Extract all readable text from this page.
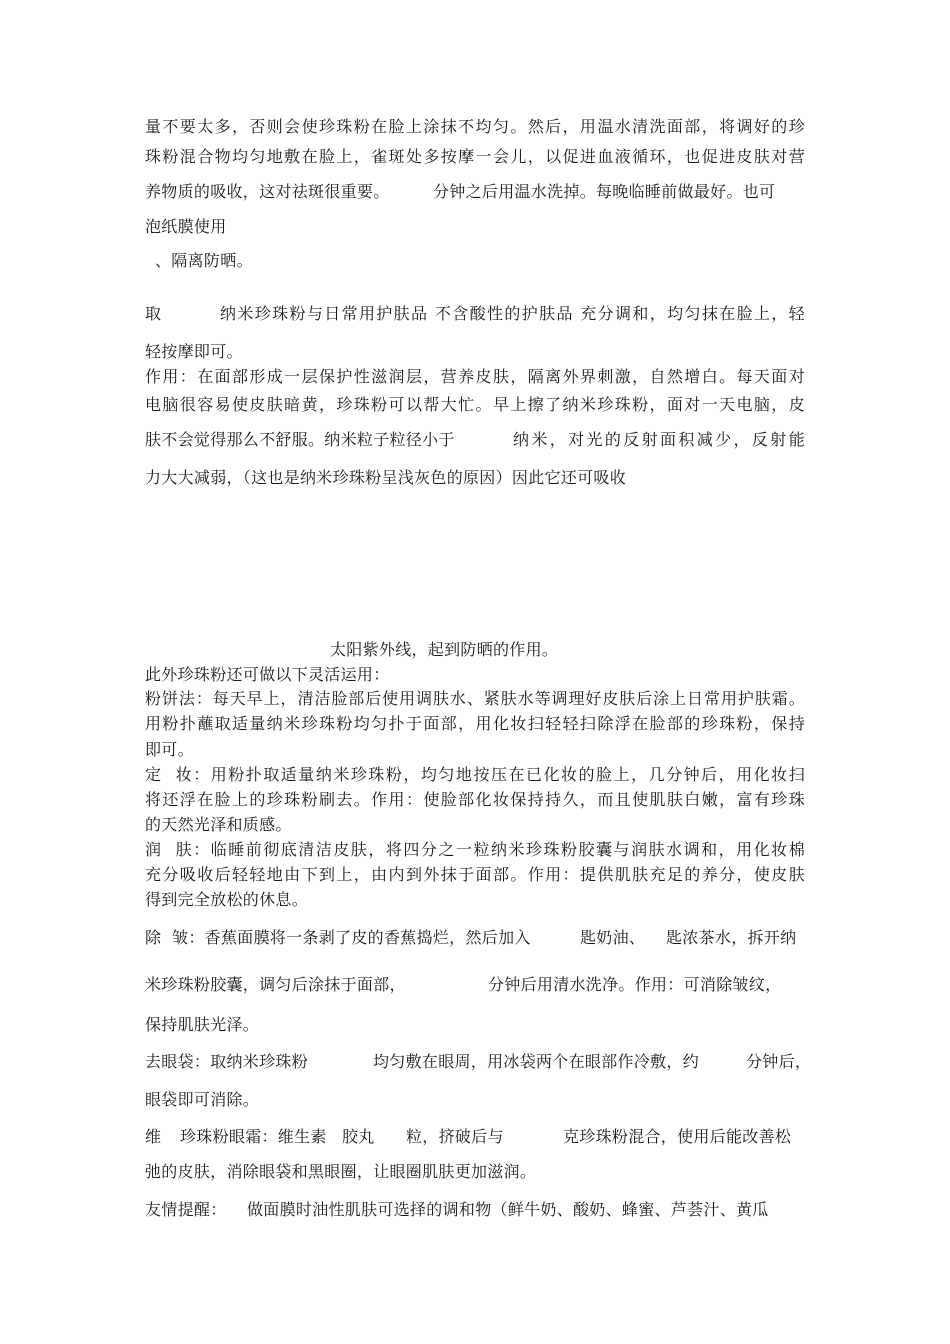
量不要太多，否则会使珍珠粉在脸上涂抹不均匀。然后，用温水清洗面部，将调好的珍
珠粉混合物均匀地敷在脸上，雀斑处多按摩一会儿，以促进血液循环，也促进皮肤对营
养物质的吸收，这对祛斑很重要。	分钟之后用温水洗掉。每晚临睡前做最好。也可
泡纸膜使用
、隔离防晒。
取	纳米珍珠粉与日常用护肤品 不含酸性的护肤品 充分调和，均匀抹在脸上，轻
轻按摩即可。
作用：在面部形成一层保护性滋润层，营养皮肤，隔离外界刺激，自然增白。每天面对
电脑很容易使皮肤暗黄，珍珠粉可以帮大忙。早上擦了纳米珍珠粉，面对一天电脑，皮
肤不会觉得那么不舒服。纳米粒子粒径小于	纳米，对光的反射面积减少，反射能
力大大减弱，（这也是纳米珍珠粉呈浅灰色的原因）因此它还可吸收
太阳紫外线，起到防晒的作用。
此外珍珠粉还可做以下灵活运用：
粉饼法：每天早上，清洁脸部后使用调肤水、紧肤水等调理好皮肤后涂上日常用护肤霜。
用粉扑蘸取适量纳米珍珠粉均匀扑于面部，用化妆扫轻轻扫除浮在脸部的珍珠粉，保持
即可。
定  妆：用粉扑取适量纳米珍珠粉，均匀地按压在已化妆的脸上，几分钟后，用化妆扫
将还浮在脸上的珍珠粉刷去。作用：使脸部化妆保持持久，而且使肌肤白嫩，富有珍珠
的天然光泽和质感。
润  肤：临睡前彻底清洁皮肤，将四分之一粒纳米珍珠粉胶囊与润肤水调和，用化妆棉
充分吸收后轻轻地由下到上，由内到外抹于面部。作用：提供肌肤充足的养分，使皮肤
得到完全放松的休息。
除  皱：香蕉面膜将一条剥了皮的香蕉捣烂，然后加入	匙奶油、 匙浓茶水，拆开纳
米珍珠粉胶囊，调匀后涂抹于面部，	分钟后用清水洗净。作用：可消除皱纹，
保持肌肤光泽。
去眼袋：取纳米珍珠粉	均匀敷在眼周，用冰袋两个在眼部作冷敷，约	分钟后，
眼袋即可消除。
维 珍珠粉眼霜：维生素 胶丸 粒，挤破后与	克珍珠粉混合，使用后能改善松
弛的皮肤，消除眼袋和黑眼圈，让眼圈肌肤更加滋润。
友情提醒： 做面膜时油性肌肤可选择的调和物（鲜牛奶、酸奶、蜂蜜、芦荟汁、黄瓜
